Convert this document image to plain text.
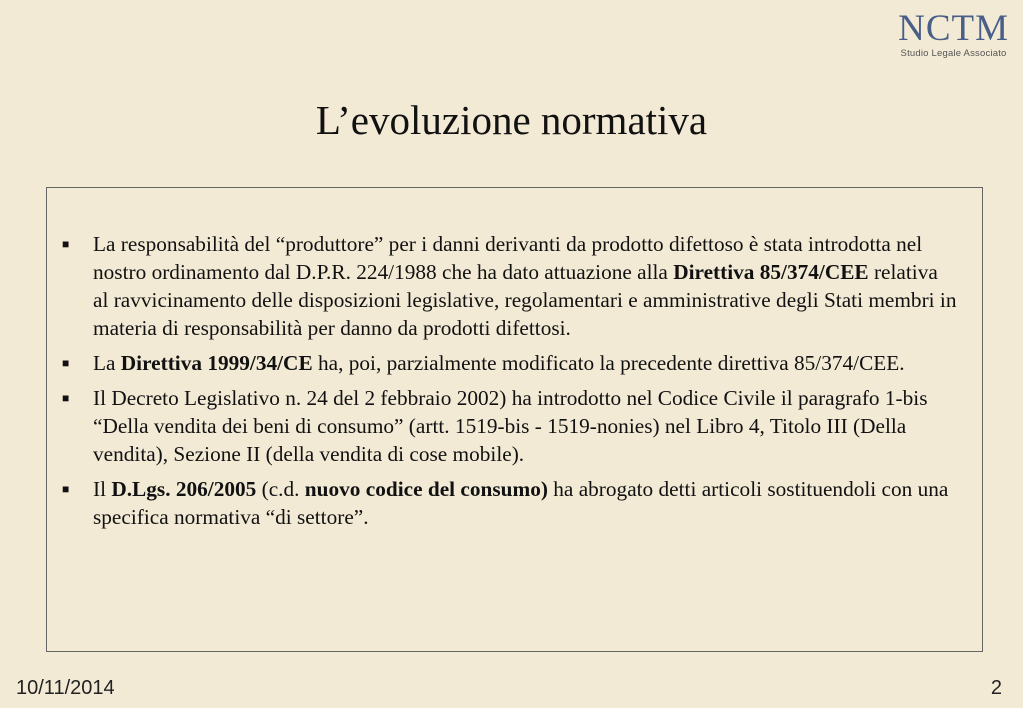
NCTM
Studio Legale Associato
L’evoluzione normativa
■ La responsabilità del “produttore” per i danni derivanti da prodotto difettoso è stata introdotta nel nostro ordinamento dal D.P.R. 224/1988 che ha dato attuazione alla Direttiva 85/374/CEE relativa al ravvicinamento delle disposizioni legislative, regolamentari e amministrative degli Stati membri in materia di responsabilità per danno da prodotti difettosi.
■ La Direttiva 1999/34/CE ha, poi, parzialmente modificato la precedente direttiva 85/374/CEE.
■ Il Decreto Legislativo n. 24 del 2 febbraio 2002) ha introdotto nel Codice Civile il paragrafo 1-bis “Della vendita dei beni di consumo” (artt. 1519-bis - 1519-nonies) nel Libro 4, Titolo III (Della vendita), Sezione II (della vendita di cose mobile).
■ Il D.Lgs. 206/2005 (c.d. nuovo codice del consumo) ha abrogato detti articoli sostituendoli con una specifica normativa “di settore”.
10/11/2014	2
